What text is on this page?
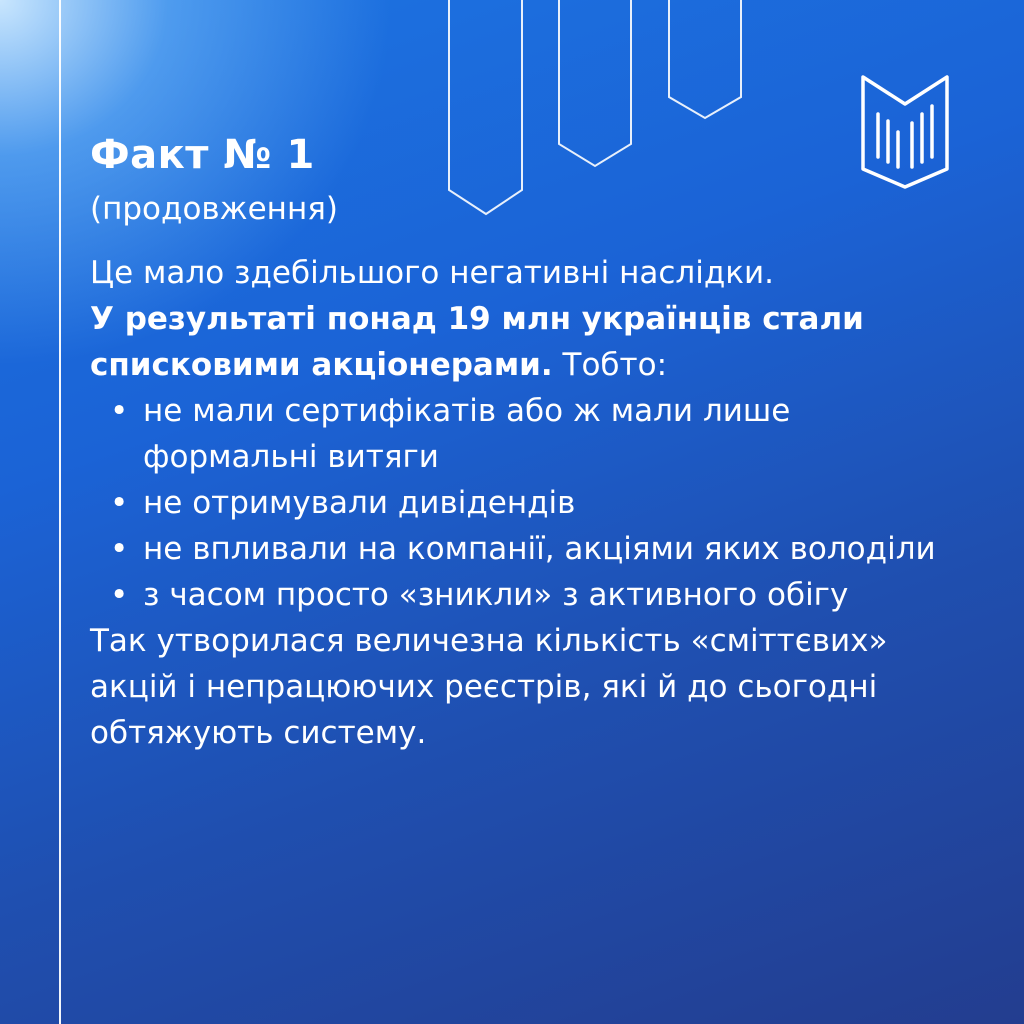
Факт № 1
(продовження)

Це мало здебільшого негативні наслідки.

У результаті понад 19 млн українців стали списковими акціонерами. Тобто:

• не мали сертифікатів або ж мали лише формальні витяги
• не отримували дивідендів
• не впливали на компанії, акціями яких володіли
• з часом просто «зникли» з активного обігу

Так утворилася величезна кількість «сміттєвих» акцій і непрацюючих реєстрів, які й до сьогодні обтяжують систему.
